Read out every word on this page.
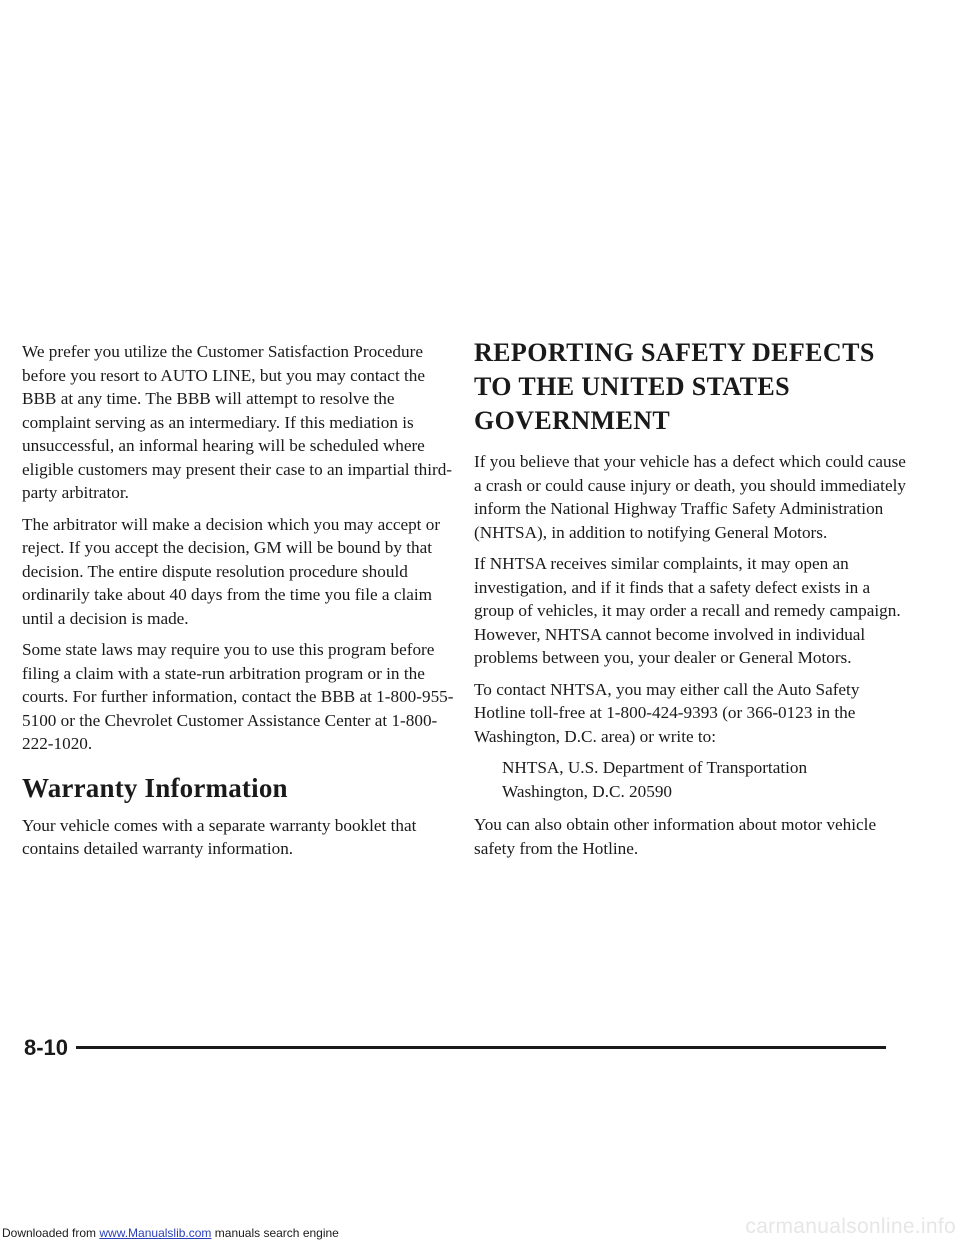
We prefer you utilize the Customer Satisfaction Procedure before you resort to AUTO LINE, but you may contact the BBB at any time. The BBB will attempt to resolve the complaint serving as an intermediary. If this mediation is unsuccessful, an informal hearing will be scheduled where eligible customers may present their case to an impartial third-party arbitrator.

The arbitrator will make a decision which you may accept or reject. If you accept the decision, GM will be bound by that decision. The entire dispute resolution procedure should ordinarily take about 40 days from the time you file a claim until a decision is made.

Some state laws may require you to use this program before filing a claim with a state-run arbitration program or in the courts. For further information, contact the BBB at 1-800-955-5100 or the Chevrolet Customer Assistance Center at 1-800-222-1020.

Warranty Information

Your vehicle comes with a separate warranty booklet that contains detailed warranty information.

REPORTING SAFETY DEFECTS
TO THE UNITED STATES
GOVERNMENT

If you believe that your vehicle has a defect which could cause a crash or could cause injury or death, you should immediately inform the National Highway Traffic Safety Administration (NHTSA), in addition to notifying General Motors.

If NHTSA receives similar complaints, it may open an investigation, and if it finds that a safety defect exists in a group of vehicles, it may order a recall and remedy campaign. However, NHTSA cannot become involved in individual problems between you, your dealer or General Motors.

To contact NHTSA, you may either call the Auto Safety Hotline toll-free at 1-800-424-9393 (or 366-0123 in the Washington, D.C. area) or write to:

NHTSA, U.S. Department of Transportation
Washington, D.C. 20590

You can also obtain other information about motor vehicle safety from the Hotline.

8-10
Downloaded from www.Manualslib.com manuals search engine	carmanualsonline.info
